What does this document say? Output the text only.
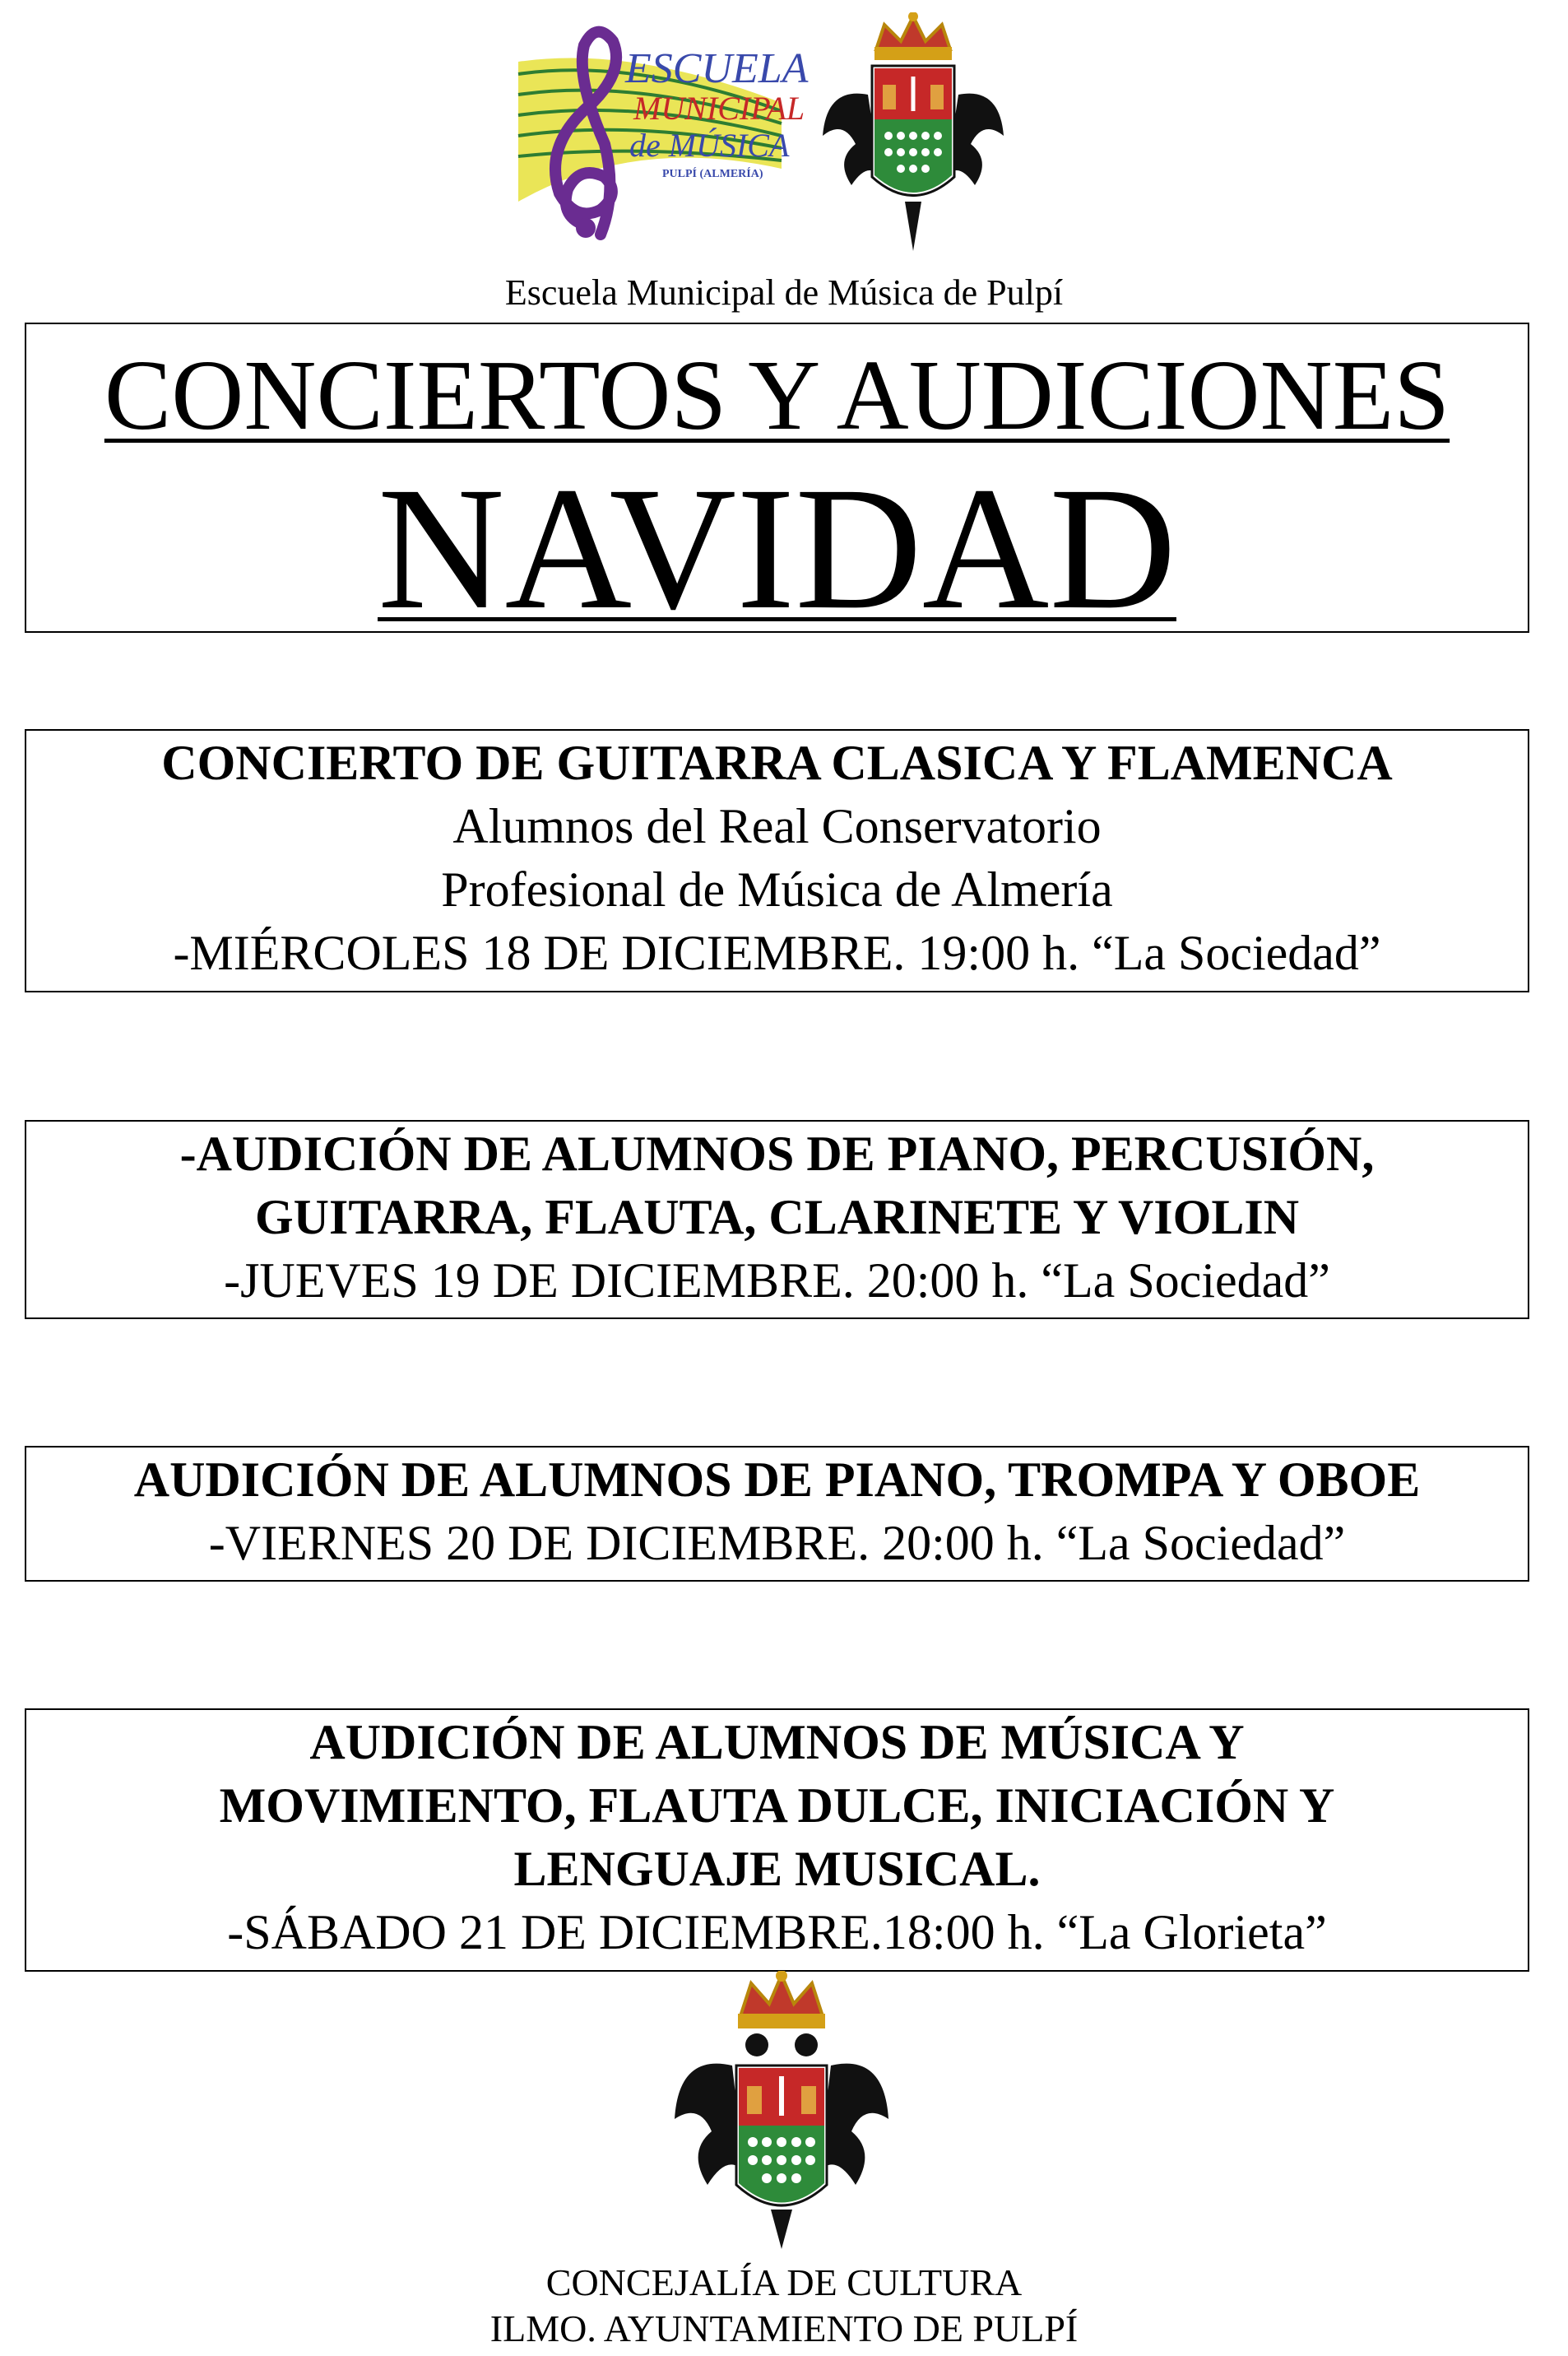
ESCUELA
MUNICIPAL
de MÚSICA
PULPÍ (ALMERÍA)
Escuela Municipal de Música de Pulpí
CONCIERTOS Y AUDICIONES
NAVIDAD
CONCIERTO DE GUITARRA CLASICA Y FLAMENCA
Alumnos del Real Conservatorio
Profesional de Música de Almería
-MIÉRCOLES 18 DE DICIEMBRE. 19:00 h. “La Sociedad”
-AUDICIÓN DE ALUMNOS DE PIANO, PERCUSIÓN,
GUITARRA, FLAUTA, CLARINETE Y VIOLIN
-JUEVES 19 DE DICIEMBRE. 20:00 h. “La Sociedad”
AUDICIÓN DE ALUMNOS DE PIANO, TROMPA Y OBOE
-VIERNES 20 DE DICIEMBRE. 20:00 h. “La Sociedad”
AUDICIÓN DE ALUMNOS DE MÚSICA Y
MOVIMIENTO, FLAUTA DULCE, INICIACIÓN Y
LENGUAJE MUSICAL.
-SÁBADO 21 DE DICIEMBRE.18:00 h. “La Glorieta”
CONCEJALÍA DE CULTURA
ILMO. AYUNTAMIENTO DE PULPÍ
